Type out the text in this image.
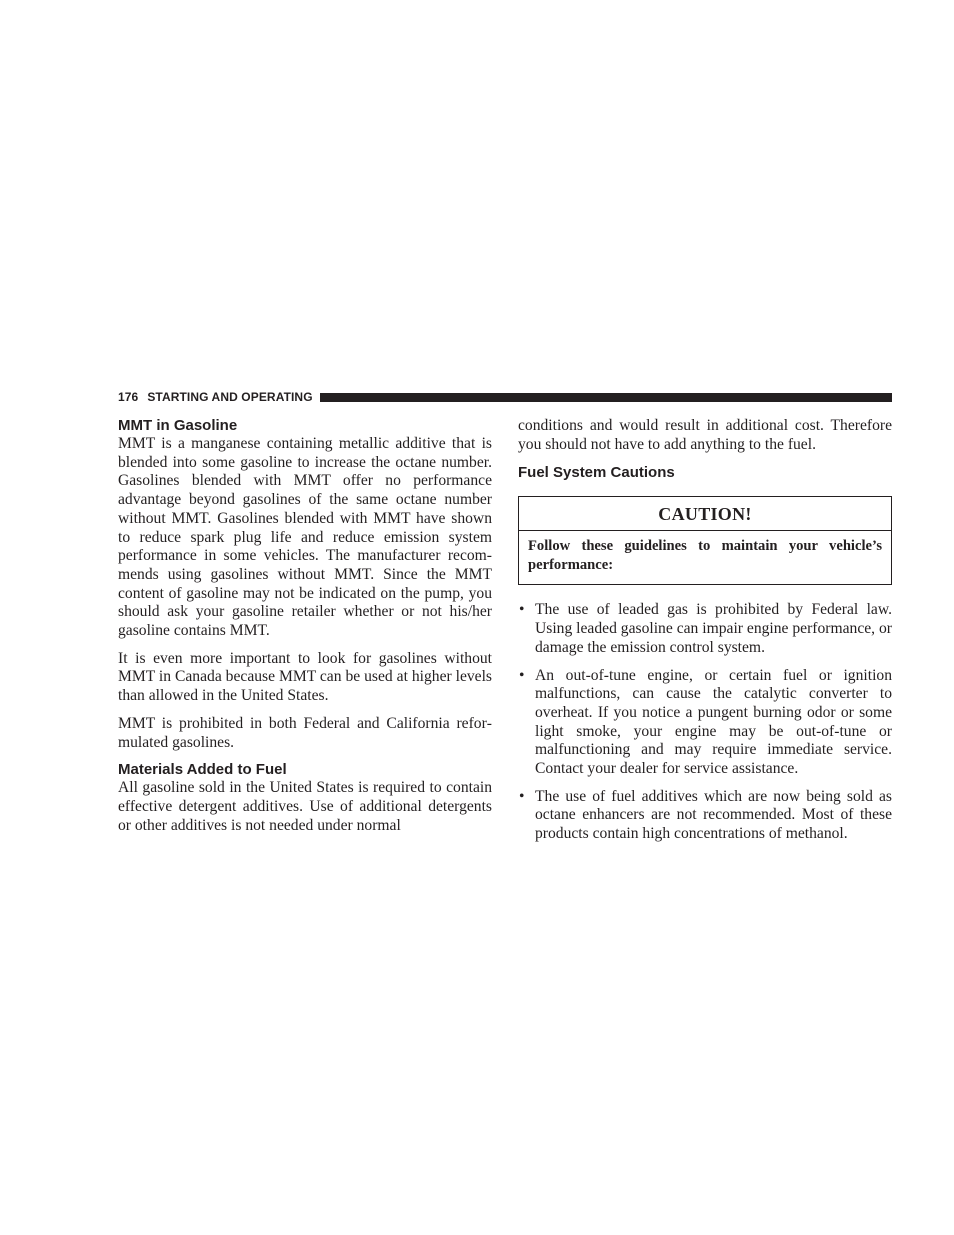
176 STARTING AND OPERATING
MMT in Gasoline

MMT is a manganese containing metallic additive that is blended into some gasoline to increase the octane number. Gasolines blended with MMT offer no performance advantage beyond gasolines of the same octane number without MMT. Gasolines blended with MMT have shown to reduce spark plug life and reduce emission system performance in some vehicles. The manufacturer recommends using gasolines without MMT. Since the MMT content of gasoline may not be indicated on the pump, you should ask your gasoline retailer whether or not his/her gasoline contains MMT.

It is even more important to look for gasolines without MMT in Canada because MMT can be used at higher levels than allowed in the United States.

MMT is prohibited in both Federal and California reformulated gasolines.

Materials Added to Fuel

All gasoline sold in the United States is required to contain effective detergent additives. Use of additional detergents or other additives is not needed under normal

conditions and would result in additional cost. Therefore you should not have to add anything to the fuel.

Fuel System Cautions
CAUTION!
Follow these guidelines to maintain your vehicle’s performance:
• The use of leaded gas is prohibited by Federal law. Using leaded gasoline can impair engine performance, or damage the emission control system.
• An out-of-tune engine, or certain fuel or ignition malfunctions, can cause the catalytic converter to overheat. If you notice a pungent burning odor or some light smoke, your engine may be out-of-tune or malfunctioning and may require immediate service. Contact your dealer for service assistance.
• The use of fuel additives which are now being sold as octane enhancers are not recommended. Most of these products contain high concentrations of methanol.
